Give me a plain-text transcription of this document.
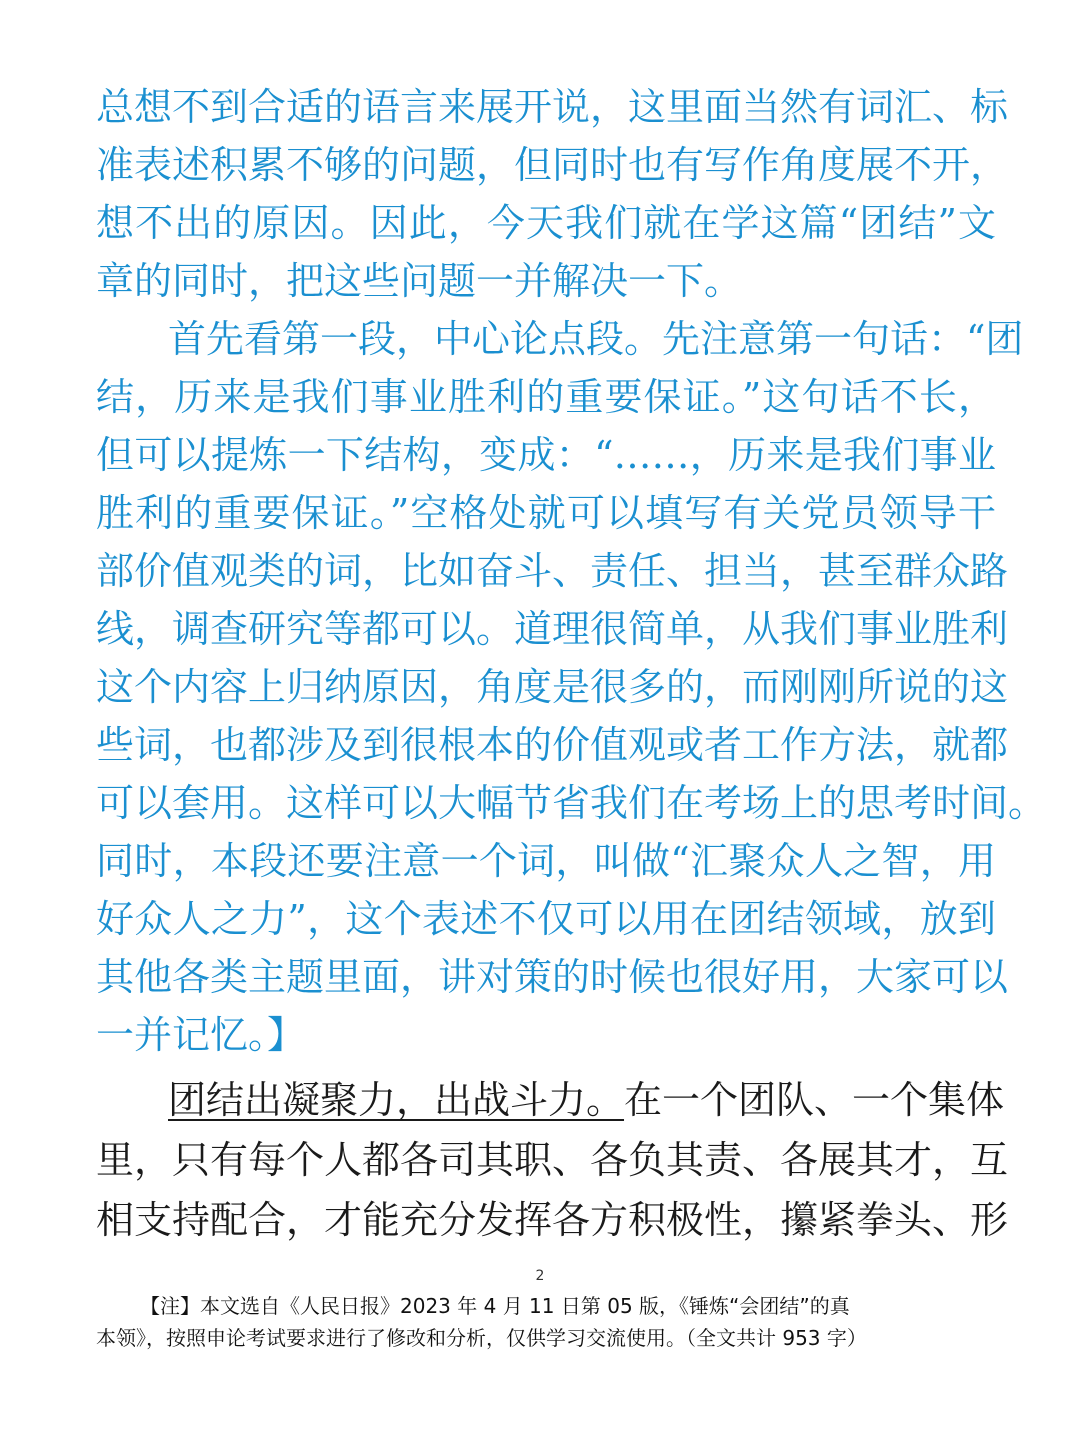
总想不到合适的语言来展开说，这里面当然有词汇、标
准表述积累不够的问题，但同时也有写作角度展不开，
想不出的原因。因此，今天我们就在学这篇“团结”文
章的同时，把这些问题一并解决一下。
首先看第一段，中心论点段。先注意第一句话：“团
结，历来是我们事业胜利的重要保证。”这句话不长，
但可以提炼一下结构，变成：“……，历来是我们事业
胜利的重要保证。”空格处就可以填写有关党员领导干
部价值观类的词，比如奋斗、责任、担当，甚至群众路
线，调查研究等都可以。道理很简单，从我们事业胜利
这个内容上归纳原因，角度是很多的，而刚刚所说的这
些词，也都涉及到很根本的价值观或者工作方法，就都
可以套用。这样可以大幅节省我们在考场上的思考时间。
同时，本段还要注意一个词，叫做“汇聚众人之智，用
好众人之力”，这个表述不仅可以用在团结领域，放到
其他各类主题里面，讲对策的时候也很好用，大家可以
一并记忆。】
团结出凝聚力，出战斗力。在一个团队、一个集体
里，只有每个人都各司其职、各负其责、各展其才，互
相支持配合，才能充分发挥各方积极性，攥紧拳头、形
2
【注】本文选自《人民日报》2023 年 4 月 11 日第 05 版，《锤炼“会团结”的真
本领》，按照申论考试要求进行了修改和分析，仅供学习交流使用。（全文共计 953 字）
